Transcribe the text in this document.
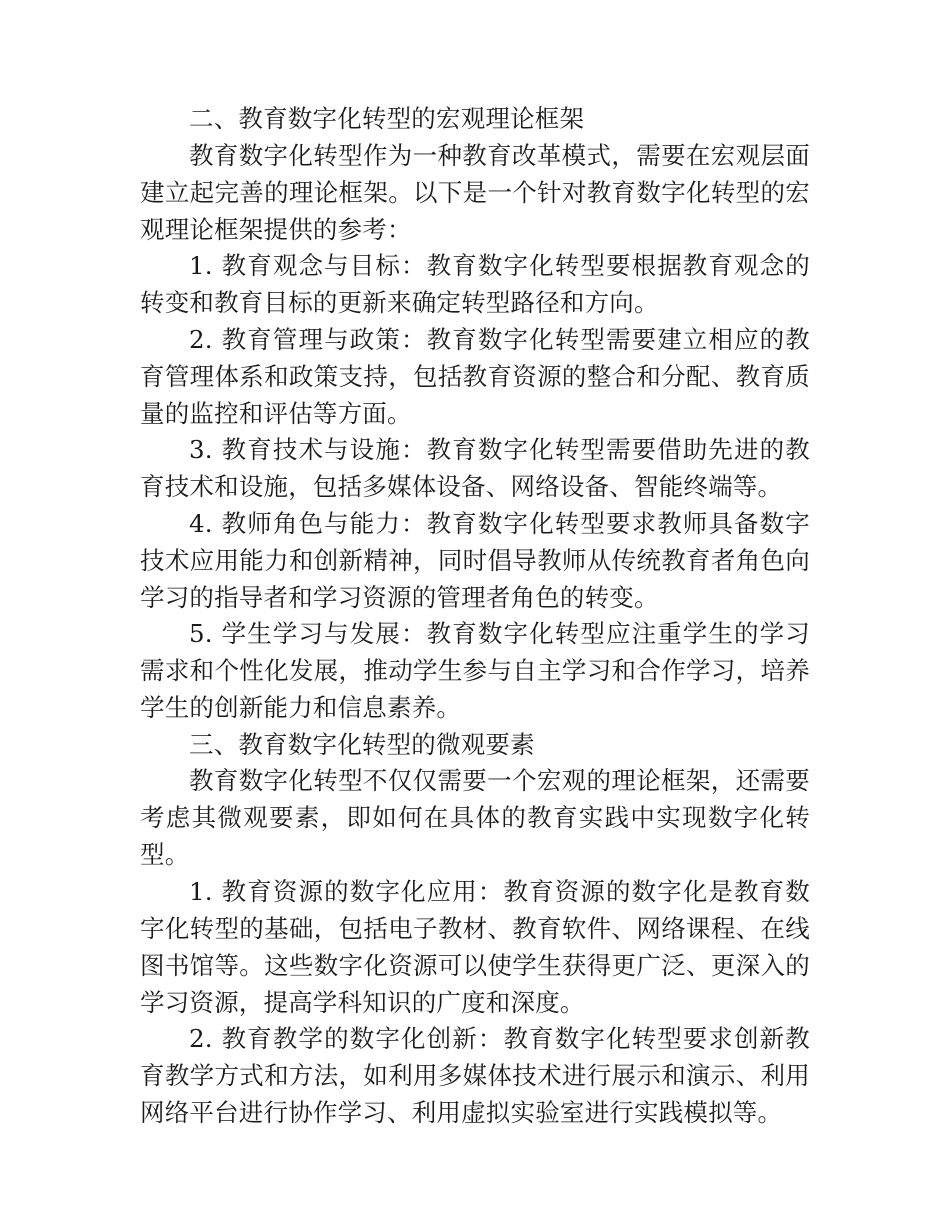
二、教育数字化转型的宏观理论框架

教育数字化转型作为一种教育改革模式，需要在宏观层面建立起完善的理论框架。以下是一个针对教育数字化转型的宏观理论框架提供的参考：

1. 教育观念与目标：教育数字化转型要根据教育观念的转变和教育目标的更新来确定转型路径和方向。

2. 教育管理与政策：教育数字化转型需要建立相应的教育管理体系和政策支持，包括教育资源的整合和分配、教育质量的监控和评估等方面。

3. 教育技术与设施：教育数字化转型需要借助先进的教育技术和设施，包括多媒体设备、网络设备、智能终端等。

4. 教师角色与能力：教育数字化转型要求教师具备数字技术应用能力和创新精神，同时倡导教师从传统教育者角色向学习的指导者和学习资源的管理者角色的转变。

5. 学生学习与发展：教育数字化转型应注重学生的学习需求和个性化发展，推动学生参与自主学习和合作学习，培养学生的创新能力和信息素养。

三、教育数字化转型的微观要素

教育数字化转型不仅仅需要一个宏观的理论框架，还需要考虑其微观要素，即如何在具体的教育实践中实现数字化转型。

1. 教育资源的数字化应用：教育资源的数字化是教育数字化转型的基础，包括电子教材、教育软件、网络课程、在线图书馆等。这些数字化资源可以使学生获得更广泛、更深入的学习资源，提高学科知识的广度和深度。

2. 教育教学的数字化创新：教育数字化转型要求创新教育教学方式和方法，如利用多媒体技术进行展示和演示、利用网络平台进行协作学习、利用虚拟实验室进行实践模拟等。
